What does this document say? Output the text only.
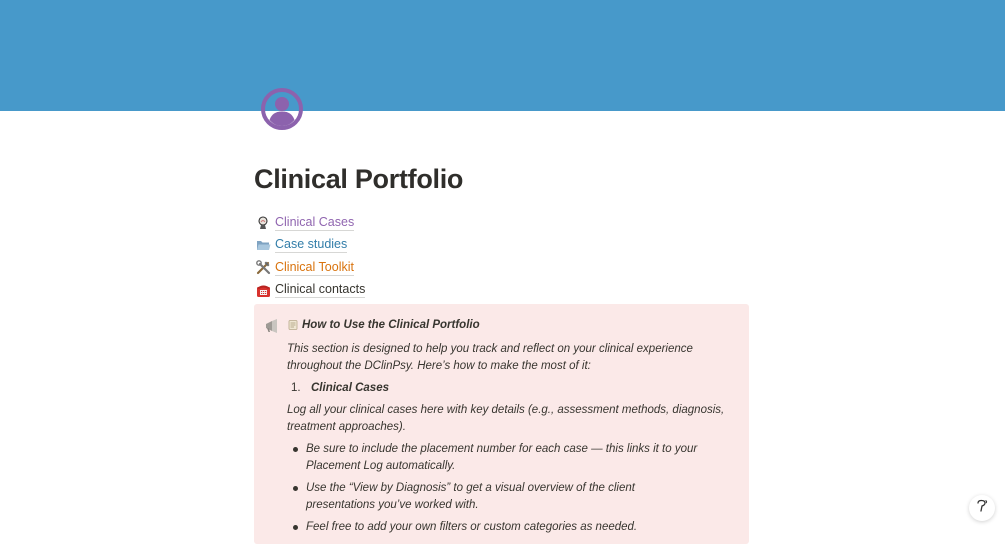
Clinical Portfolio
Clinical Cases
Case studies
Clinical Toolkit
Clinical contacts
How to Use the Clinical Portfolio

This section is designed to help you track and reflect on your clinical experience throughout the DClinPsy. Here’s how to make the most of it:

1. Clinical Cases

Log all your clinical cases here with key details (e.g., assessment methods, diagnosis, treatment approaches).

Be sure to include the placement number for each case — this links it to your Placement Log automatically.
Use the “View by Diagnosis” to get a visual overview of the client presentations you’ve worked with.
Feel free to add your own filters or custom categories as needed.
